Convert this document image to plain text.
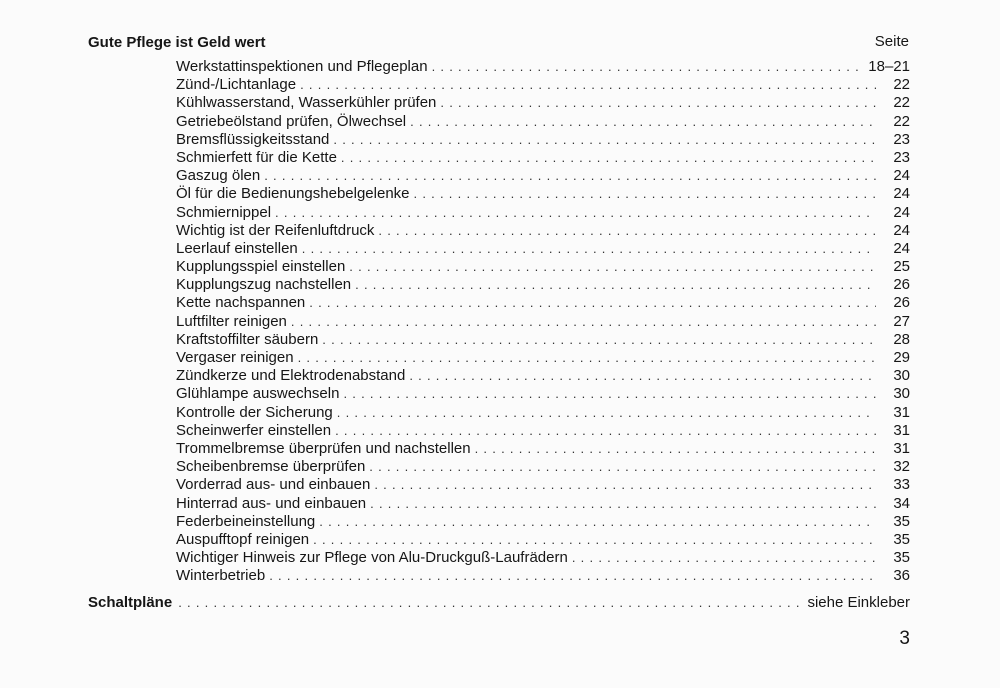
Gute Pflege ist Geld wert	Seite
Werkstattinspektionen und Pflegeplan . . .	18–21
Zünd-/Lichtanlage . . .	22
Kühlwasserstand, Wasserkühler prüfen . . .	22
Getriebeölstand prüfen, Ölwechsel . . .	22
Bremsflüssigkeitsstand . . .	23
Schmierfett für die Kette . . .	23
Gaszug ölen . . .	24
Öl für die Bedienungshebelgelenke . . .	24
Schmiernippel . . .	24
Wichtig ist der Reifenluftdruck . . .	24
Leerlauf einstellen . . .	24
Kupplungsspiel einstellen . . .	25
Kupplungszug nachstellen . . .	26
Kette nachspannen . . .	26
Luftfilter reinigen . . .	27
Kraftstoffilter säubern . . .	28
Vergaser reinigen . . .	29
Zündkerze und Elektrodenabstand . . .	30
Glühlampe auswechseln . . .	30
Kontrolle der Sicherung . . .	31
Scheinwerfer einstellen . . .	31
Trommelbremse überprüfen und nachstellen . . .	31
Scheibenbremse überprüfen . . .	32
Vorderrad aus- und einbauen . . .	33
Hinterrad aus- und einbauen . . .	34
Federbeineinstellung . . .	35
Auspufftopf reinigen . . .	35
Wichtiger Hinweis zur Pflege von Alu-Druckguß-Laufrädern . . .	35
Winterbetrieb . . .	36
Schaltpläne . . .	siehe Einkleber
3
